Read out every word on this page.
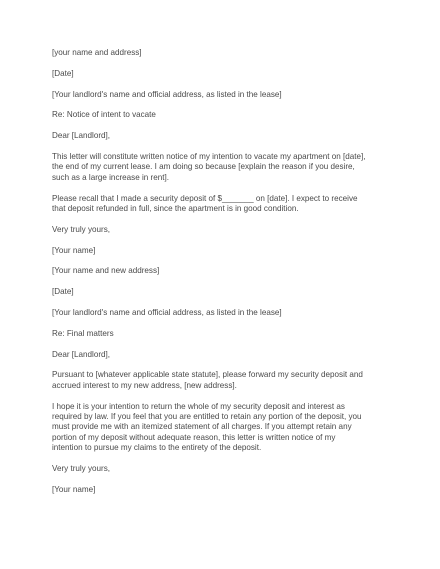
[your name and address]

[Date]

[Your landlord's name and official address, as listed in the lease]

Re: Notice of intent to vacate

Dear [Landlord],

This letter will constitute written notice of my intention to vacate my apartment on [date],
the end of my current lease. I am doing so because [explain the reason if you desire,
such as a large increase in rent].

Please recall that I made a security deposit of $_______ on [date]. I expect to receive
that deposit refunded in full, since the apartment is in good condition.

Very truly yours,

[Your name]

[Your name and new address]

[Date]

[Your landlord's name and official address, as listed in the lease]

Re: Final matters

Dear [Landlord],

Pursuant to [whatever applicable state statute], please forward my security deposit and
accrued interest to my new address, [new address].

I hope it is your intention to return the whole of my security deposit and interest as
required by law. If you feel that you are entitled to retain any portion of the deposit, you
must provide me with an itemized statement of all charges. If you attempt retain any
portion of my deposit without adequate reason, this letter is written notice of my
intention to pursue my claims to the entirety of the deposit.

Very truly yours,

[Your name]
